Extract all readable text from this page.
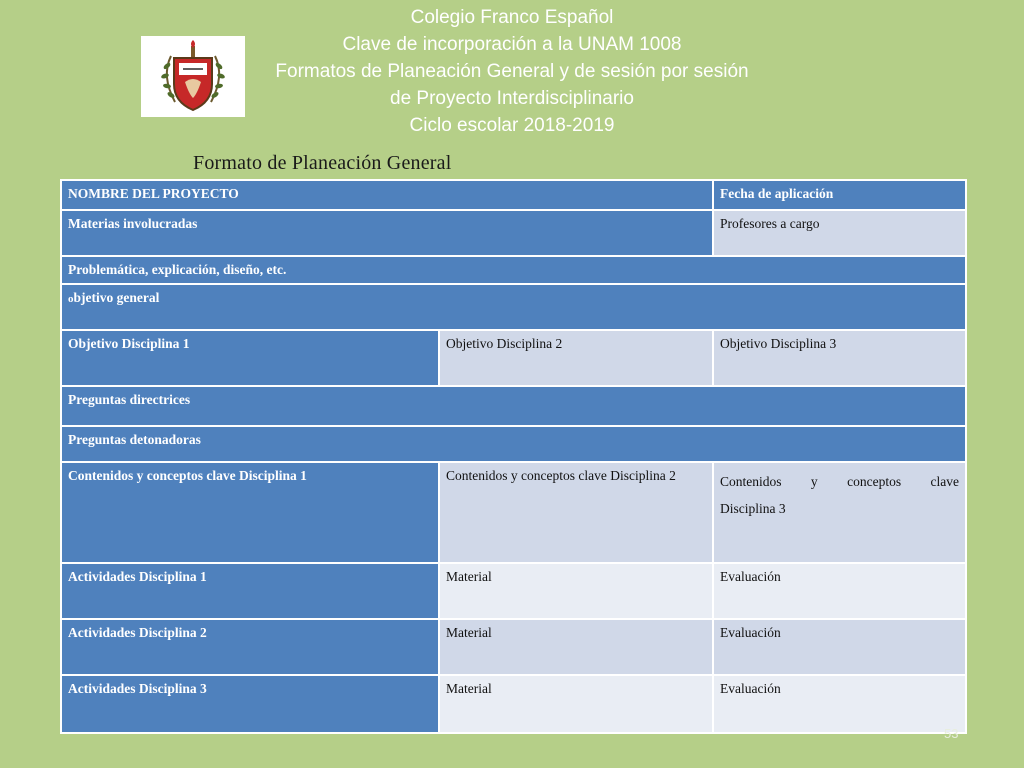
Colegio Franco Español
Clave de incorporación a la UNAM 1008
Formatos de Planeación General y de sesión por sesión
de Proyecto Interdisciplinario
Ciclo escolar 2018-2019
Formato de Planeación General
NOMBRE DEL PROYECTO		Fecha de aplicación
Materias involucradas		Profesores a cargo
Problemática, explicación, diseño, etc.		
objetivo general		
Objetivo Disciplina 1	Objetivo Disciplina 2	Objetivo Disciplina 3
Preguntas directrices		
Preguntas detonadoras		
Contenidos y conceptos clave Disciplina 1	Contenidos y conceptos clave Disciplina 2	Contenidos y conceptos clave
Disciplina 3

Actividades Disciplina 1	Material	Evaluación
Actividades Disciplina 2	Material	Evaluación
Actividades Disciplina 3	Material	Evaluación
53
